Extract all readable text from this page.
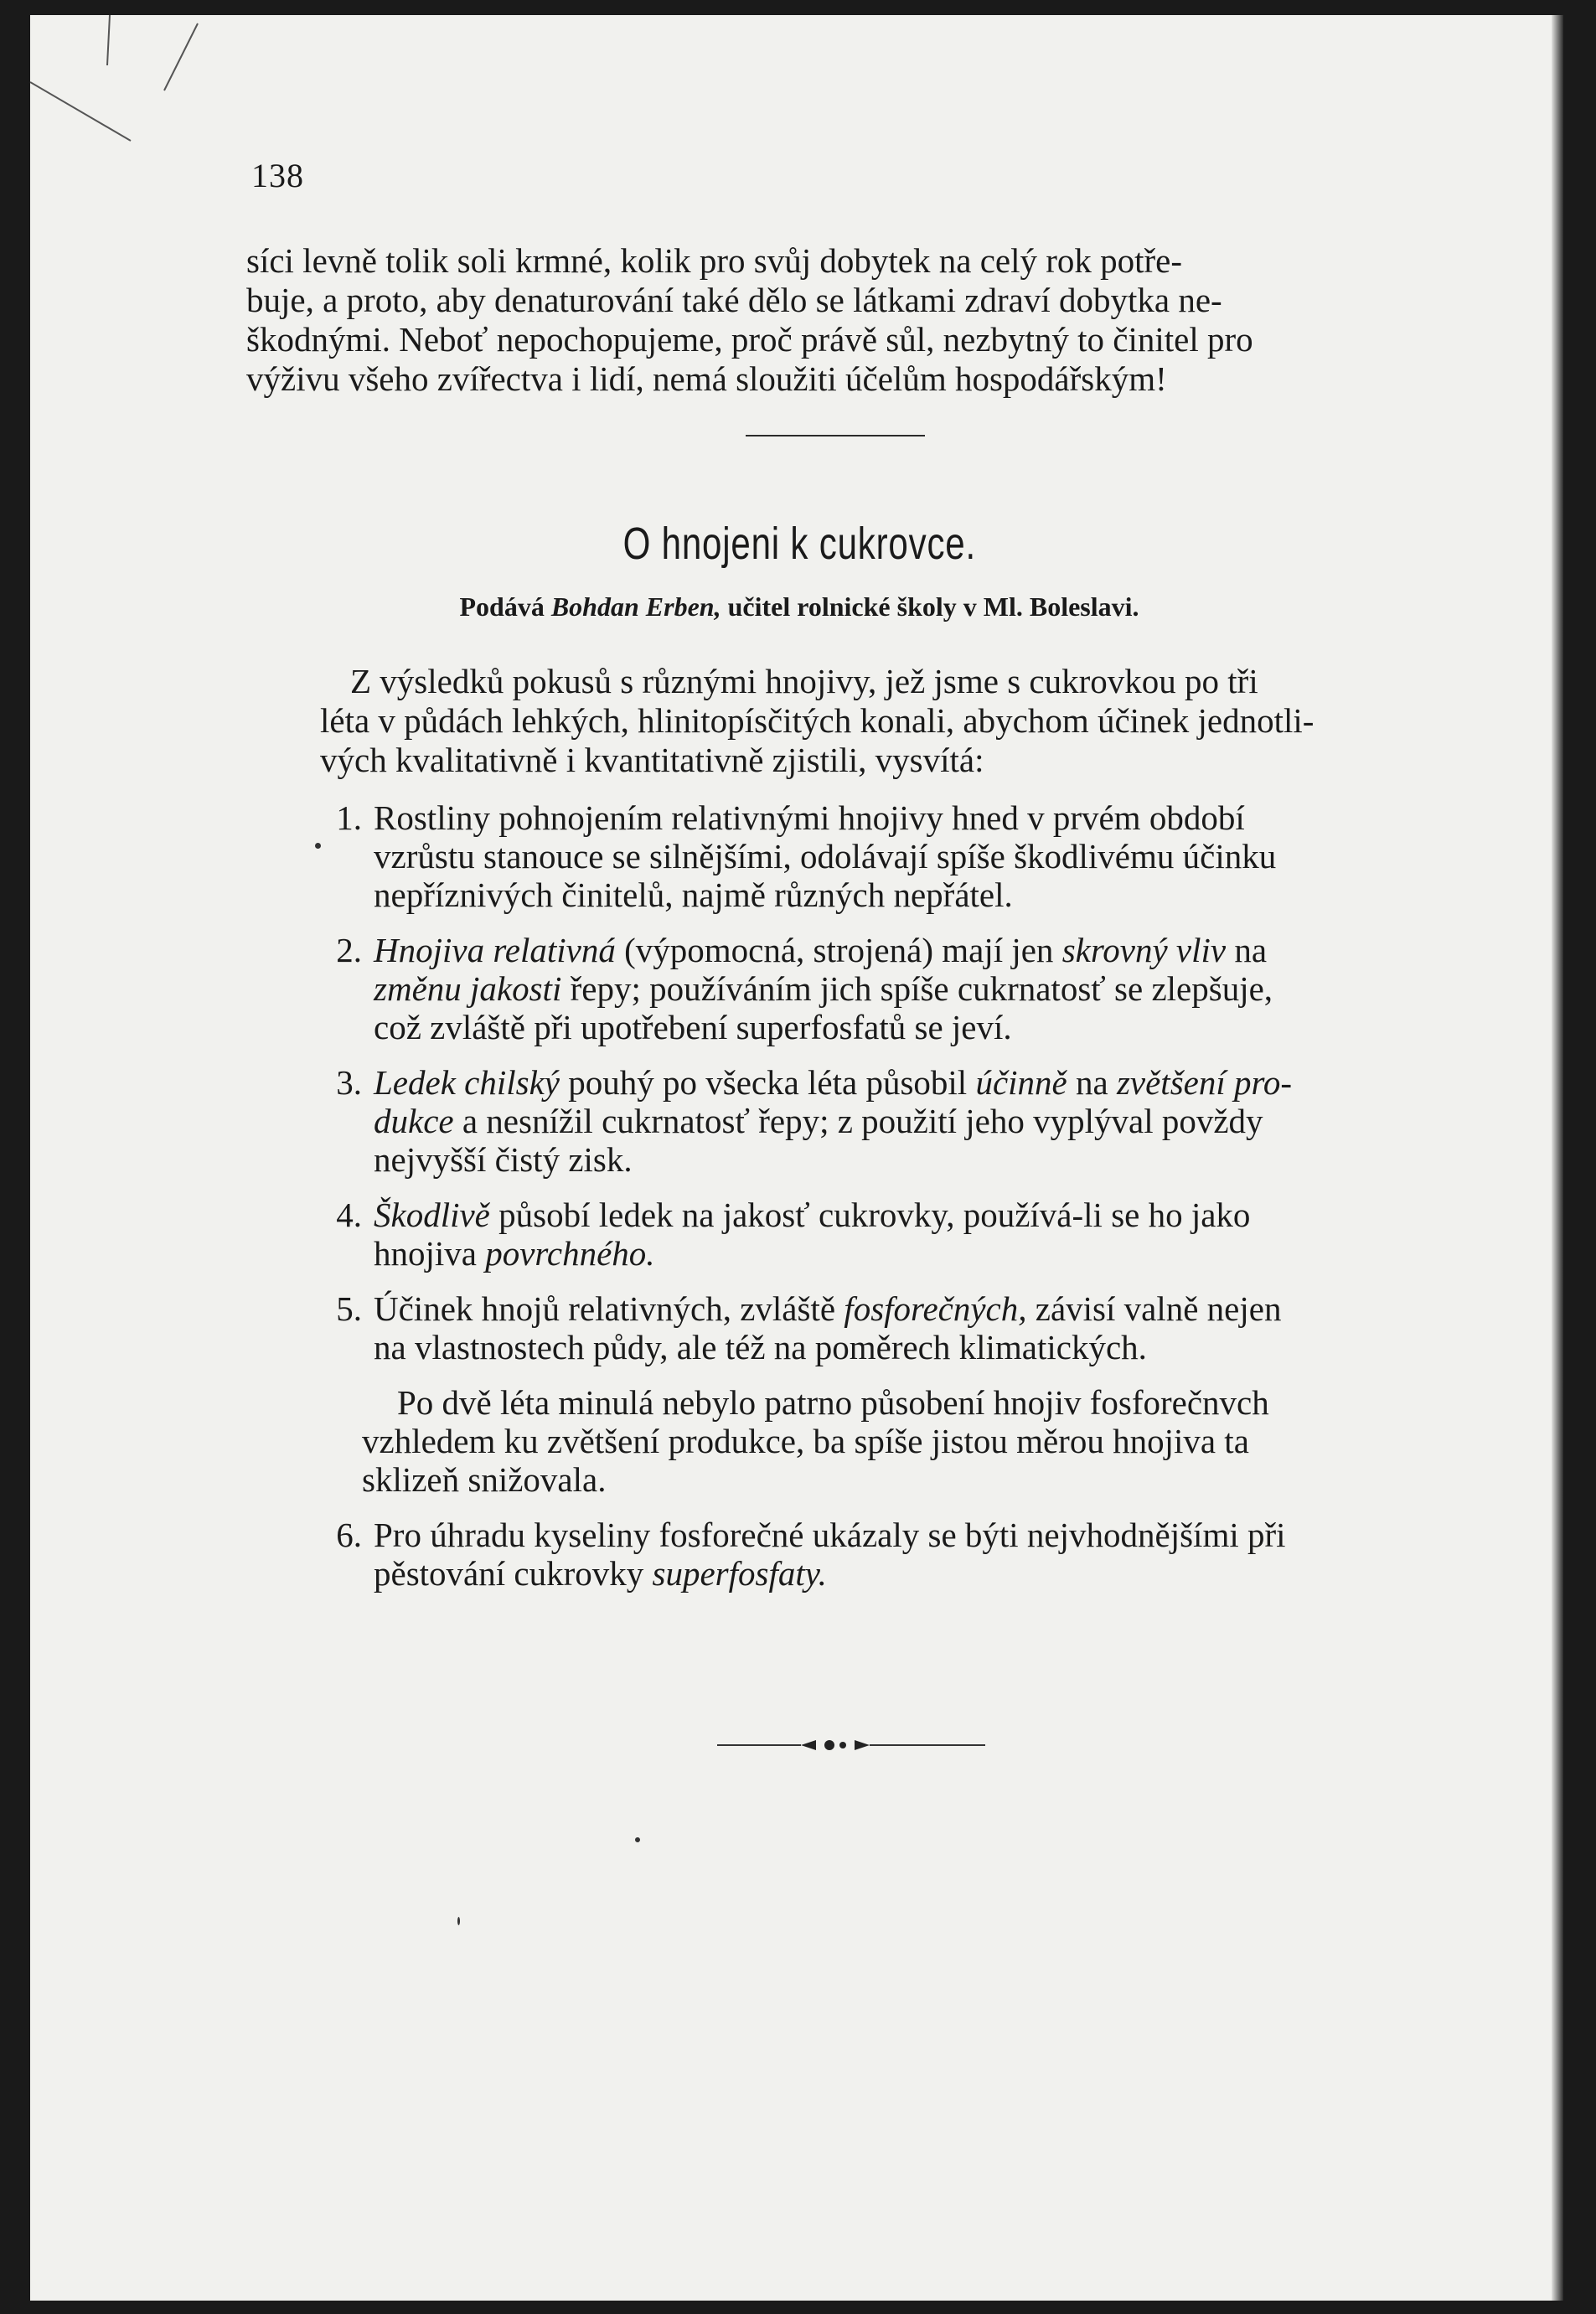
138
síci levně tolik soli krmné, kolik pro svůj dobytek na celý rok potře-
buje, a proto, aby denaturování také dělo se látkami zdraví dobytka ne-
škodnými. Neboť nepochopujeme, proč právě sůl, nezbytný to činitel pro
výživu všeho zvířectva i lidí, nemá sloužiti účelům hospodářským!
O hnojeni k cukrovce.
Podává Bohdan Erben, učitel rolnické školy v Ml. Boleslavi.
Z výsledků pokusů s různými hnojivy, jež jsme s cukrovkou po tři
léta v půdách lehkých, hlinitopísčitých konali, abychom účinek jednotli-
vých kvalitativně i kvantitativně zjistili, vysvítá:
1. Rostliny pohnojením relativnými hnojivy hned v prvém období
vzrůstu stanouce se silnějšími, odolávají spíše škodlivému účinku
nepříznivých činitelů, najmě různých nepřátel.
2. Hnojiva relativná (výpomocná, strojená) mají jen skrovný vliv na
změnu jakosti řepy; používáním jich spíše cukrnatosť se zlepšuje,
což zvláště při upotřebení superfosfatů se jeví.
3. Ledek chilský pouhý po všecka léta působil účinně na zvětšení pro-
dukce a nesnížil cukrnatosť řepy; z použití jeho vyplýval povždy
nejvyšší čistý zisk.
4. Škodlivě působí ledek na jakosť cukrovky, používá-li se ho jako
hnojiva povrchného.
5. Účinek hnojů relativných, zvláště fosforečných, závisí valně nejen
na vlastnostech půdy, ale též na poměrech klimatických.
Po dvě léta minulá nebylo patrno působení hnojiv fosforečnvch
vzhledem ku zvětšení produkce, ba spíše jistou měrou hnojiva ta
sklizeň snižovala.
6. Pro úhradu kyseliny fosforečné ukázaly se býti nejvhodnějšími při
pěstování cukrovky superfosfaty.
